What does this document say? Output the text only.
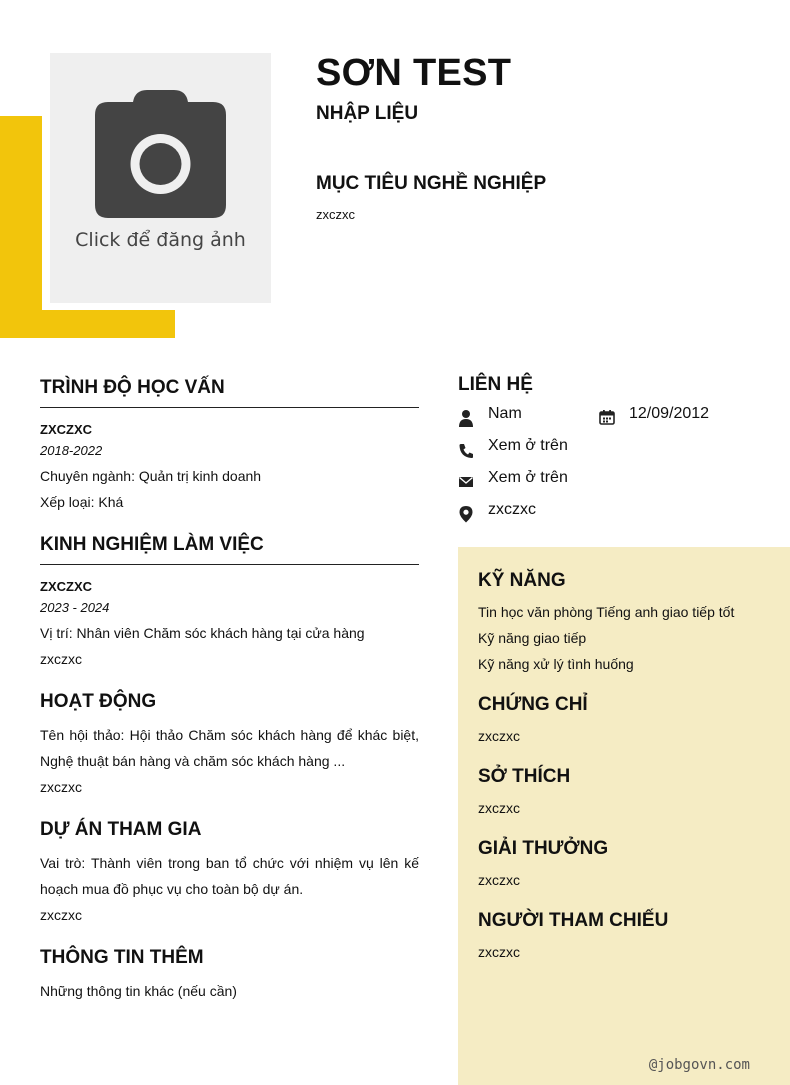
Click để đăng ảnh
SƠN TEST
NHẬP LIỆU
MỤC TIÊU NGHỀ NGHIỆP
zxczxc
TRÌNH ĐỘ HỌC VẤN
ZXCZXC
2018-2022
Chuyên ngành: Quản trị kinh doanh
Xếp loại: Khá
KINH NGHIỆM LÀM VIỆC
ZXCZXC
2023 - 2024
Vị trí: Nhân viên Chăm sóc khách hàng tại cửa hàng
zxczxc
HOẠT ĐỘNG
Tên hội thảo: Hội thảo Chăm sóc khách hàng để khác biệt, Nghệ thuật bán hàng và chăm sóc khách hàng ...
zxczxc
DỰ ÁN THAM GIA
Vai trò: Thành viên trong ban tổ chức với nhiệm vụ lên kế hoạch mua đồ phục vụ cho toàn bộ dự án.
zxczxc
THÔNG TIN THÊM
Những thông tin khác (nếu cần)
LIÊN HỆ
Nam	12/09/2012
Xem ở trên
Xem ở trên
zxczxc
KỸ NĂNG
Tin học văn phòng Tiếng anh giao tiếp tốt
Kỹ năng giao tiếp
Kỹ năng xử lý tình huống
CHỨNG CHỈ
zxczxc
SỞ THÍCH
zxczxc
GIẢI THƯỞNG
zxczxc
NGƯỜI THAM CHIẾU
zxczxc
@jobgovn.com
